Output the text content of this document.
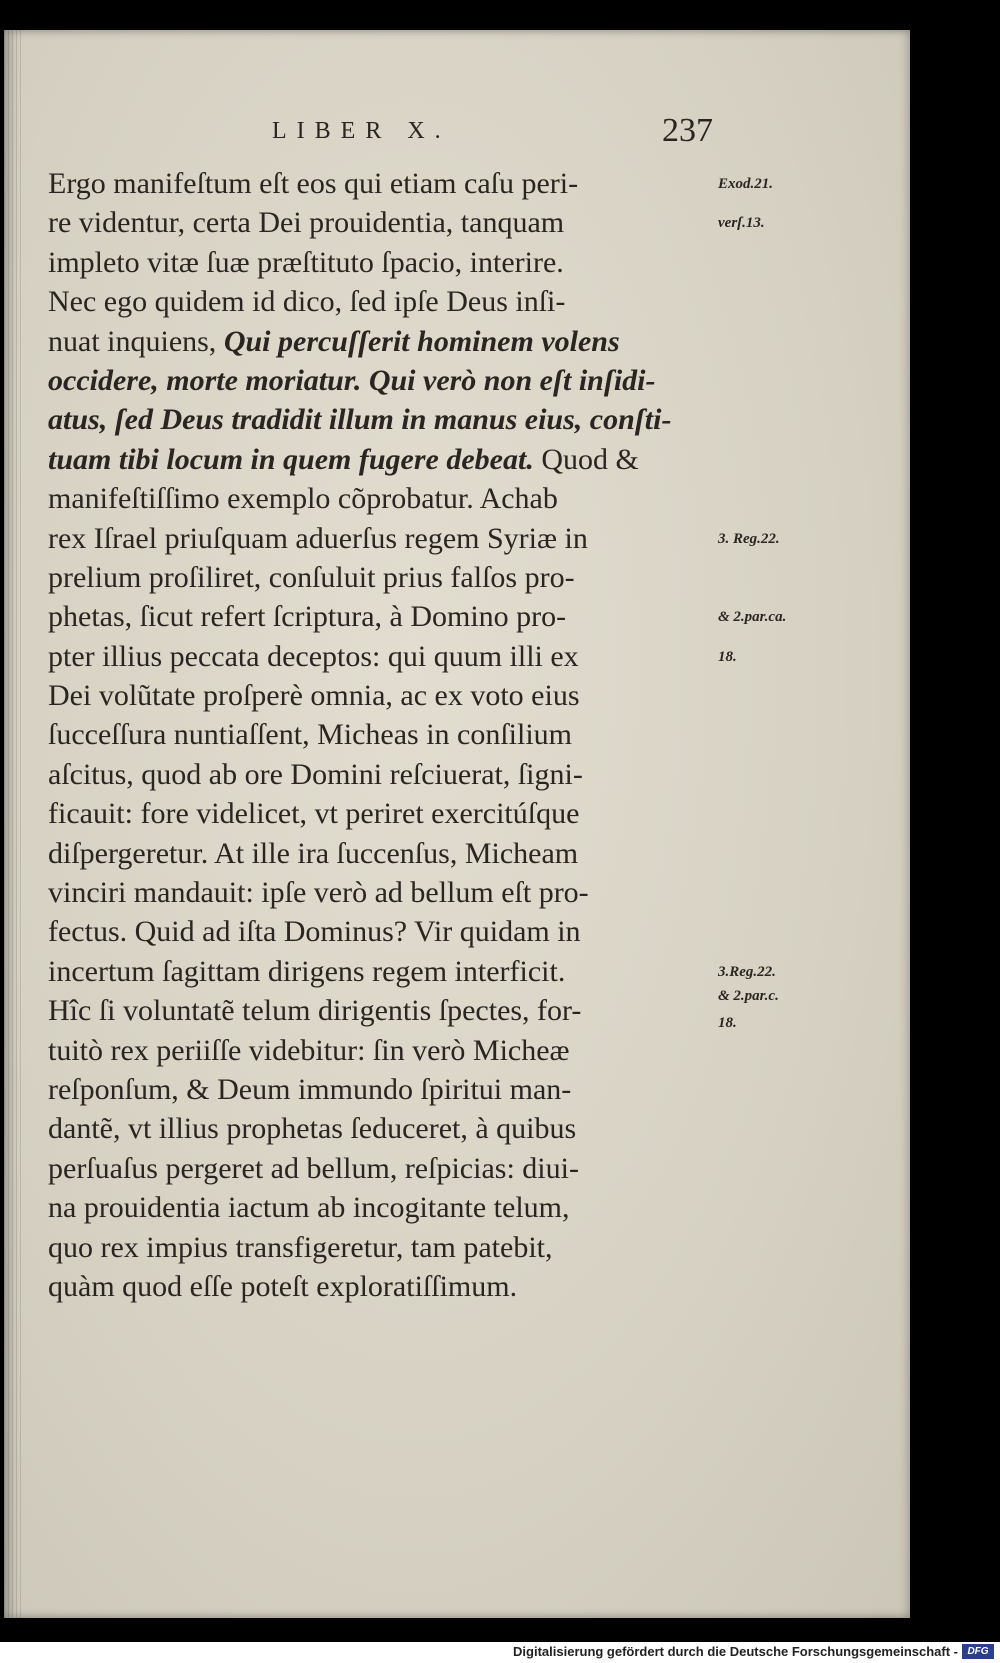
LIBER X.	237
Ergo manifeſtum eſt eos qui etiam caſu peri-
re videntur, certa Dei prouidentia, tanquam
impleto vitæ ſuæ præſtituto ſpacio, interire.
Nec ego quidem id dico, ſed ipſe Deus inſi-
nuat inquiens, Qui percuſſerit hominem volens
occidere, morte moriatur. Qui verò non eſt inſidi-
atus, ſed Deus tradidit illum in manus eius, conſti-
tuam tibi locum in quem fugere debeat. Quod &
manifeſtiſſimo exemplo cõprobatur. Achab
rex Iſrael priuſquam aduerſus regem Syriæ in
prelium proſiliret, conſuluit prius falſos pro-
phetas, ſicut refert ſcriptura, à Domino pro-
pter illius peccata deceptos: qui quum illi ex
Dei volũtate proſperè omnia, ac ex voto eius
ſucceſſura nuntiaſſent, Micheas in conſilium
aſcitus, quod ab ore Domini reſciuerat, ſigni-
ficauit: fore videlicet, vt periret exercitúſque
diſpergeretur. At ille ira ſuccenſus, Micheam
vinciri mandauit: ipſe verò ad bellum eſt pro-
fectus. Quid ad iſta Dominus? Vir quidam in
incertum ſagittam dirigens regem interficit.
Hîc ſi voluntatẽ telum dirigentis ſpectes, for-
tuitò rex periiſſe videbitur: ſin verò Micheæ
reſponſum, & Deum immundo ſpiritui man-
dantẽ, vt illius prophetas ſeduceret, à quibus
perſuaſus pergeret ad bellum, reſpicias: diui-
na prouidentia iactum ab incogitante telum,
quo rex impius transfigeretur, tam patebit,
quàm quod eſſe poteſt exploratiſſimum.
Exod.21.
verſ.13.
3. Reg.22.
& 2.par.ca.
18.
3.Reg.22.
& 2.par.c.
18.
Digitalisierung gefördert durch die Deutsche Forschungsgemeinschaft - DFG
